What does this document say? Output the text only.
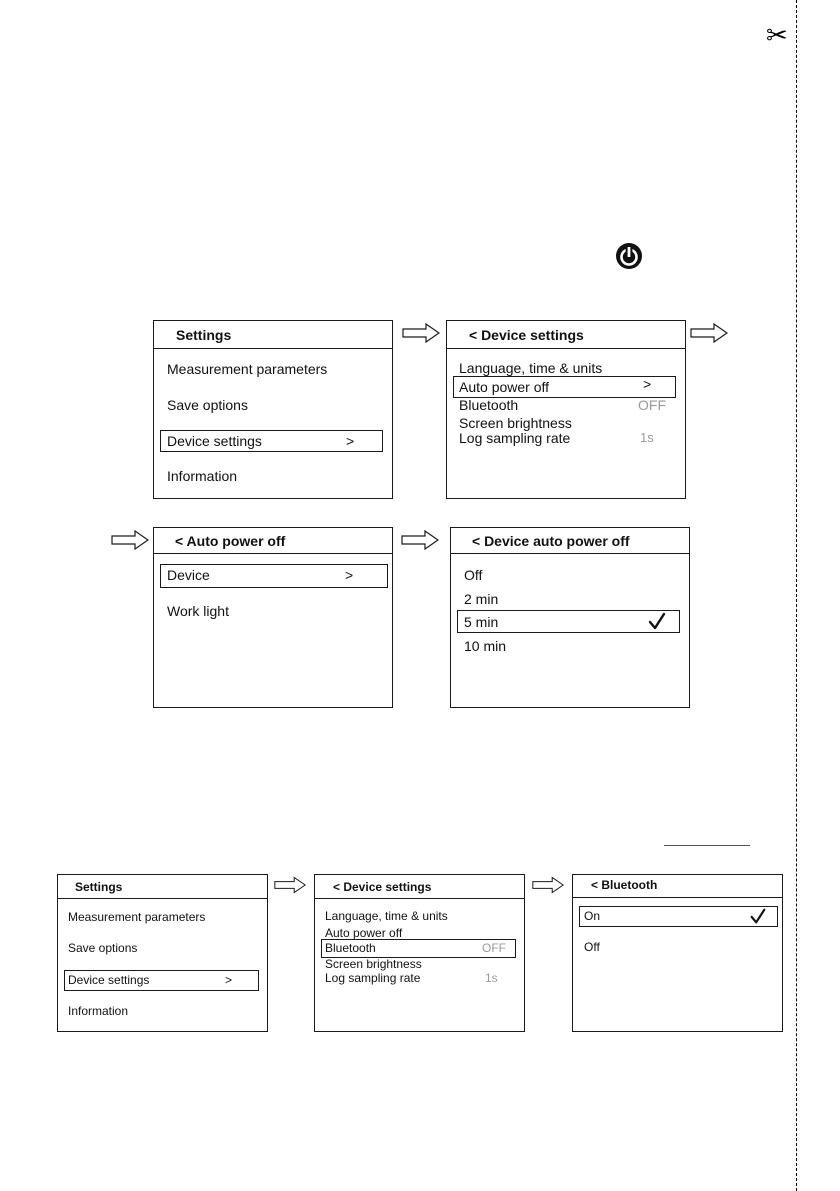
✂
Settings
Measurement parameters
Save options
Device settings	>
Information
< Device settings
Language, time & units
Auto power off	>
Bluetooth	OFF
Screen brightness
Log sampling rate	1s
< Auto power off
Device	>
Work light
< Device auto power off
Off
2 min
5 min
10 min
Settings
Measurement parameters
Save options
Device settings	>
Information
< Device settings
Language, time & units
Auto power off
Bluetooth	OFF
Screen brightness
Log sampling rate	1s
< Bluetooth
On
Off
